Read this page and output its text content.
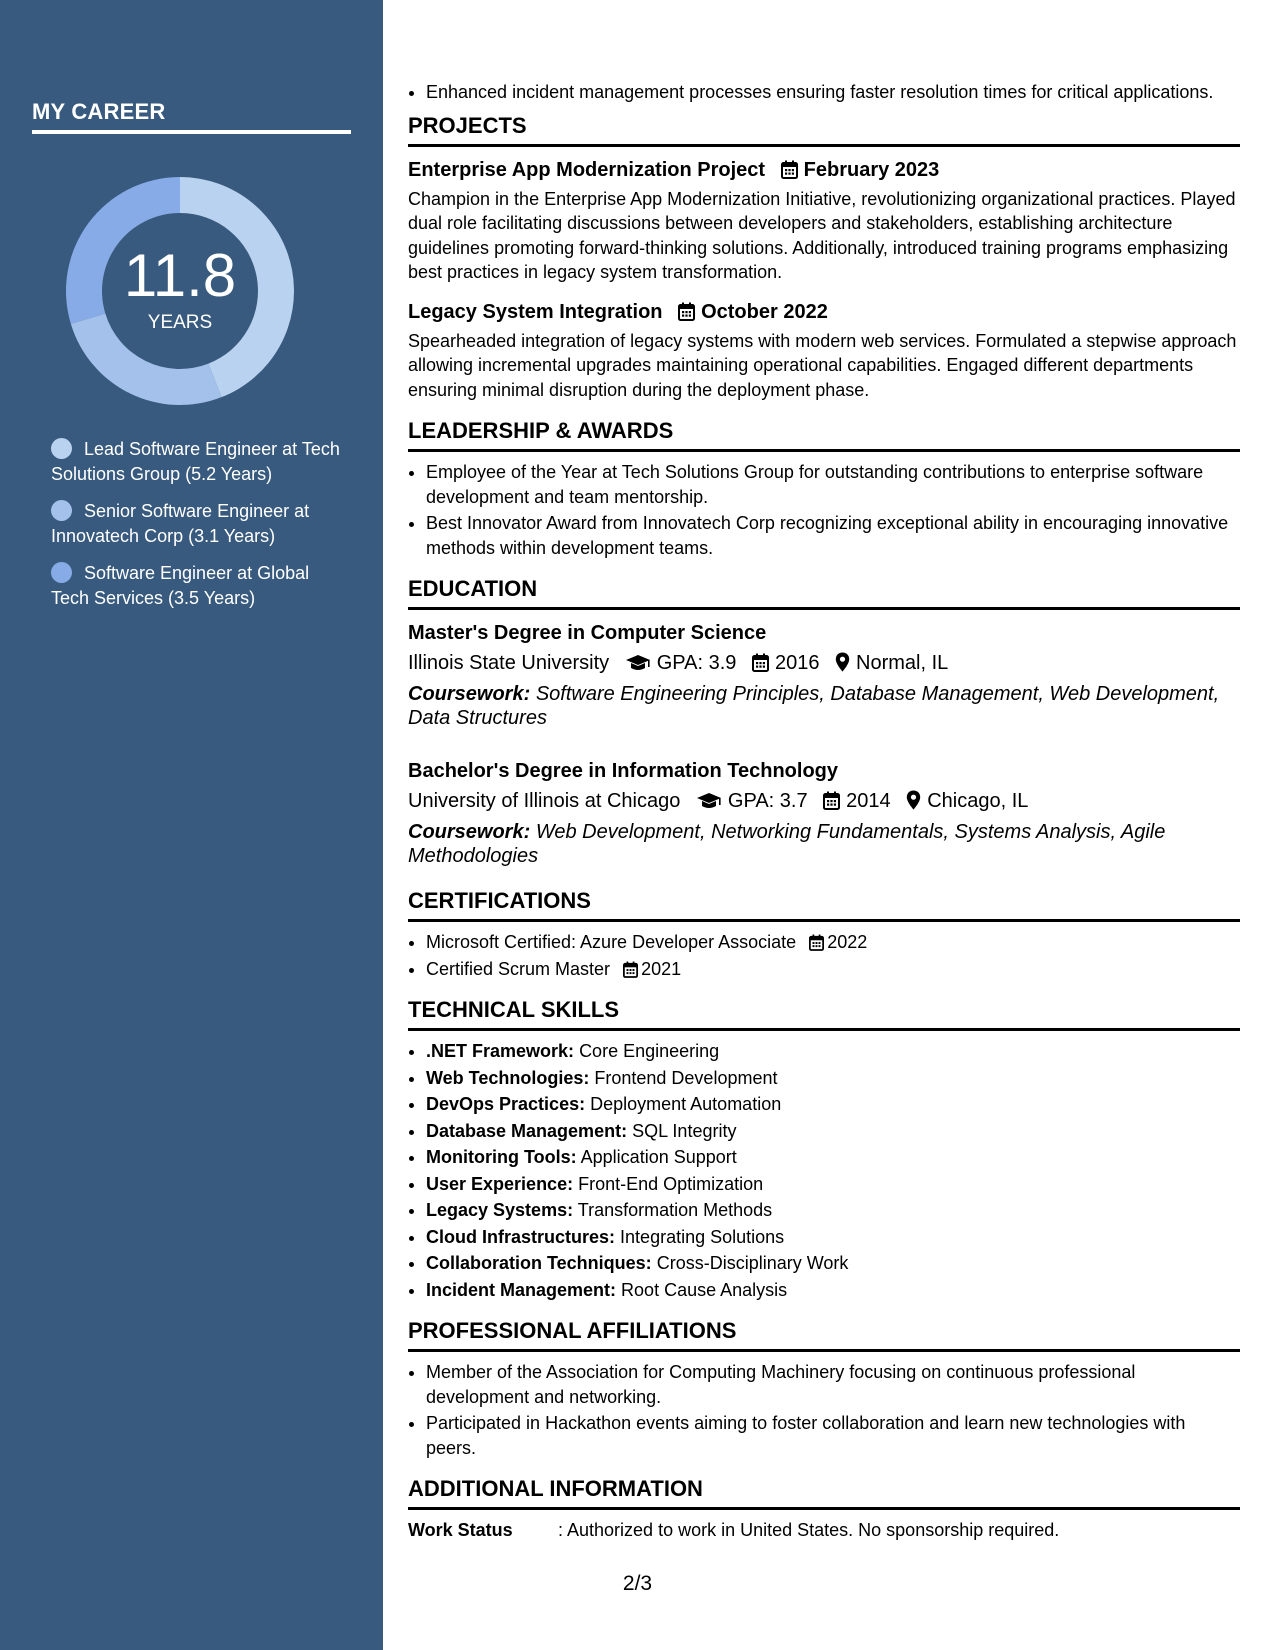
MY CAREER
11.8
YEARS
Lead Software Engineer at Tech Solutions Group (5.2 Years)
Senior Software Engineer at Innovatech Corp (3.1 Years)
Software Engineer at Global Tech Services (3.5 Years)
• Enhanced incident management processes ensuring faster resolution times for critical applications.
PROJECTS
Enterprise App Modernization Project February 2023
Champion in the Enterprise App Modernization Initiative, revolutionizing organizational practices. Played dual role facilitating discussions between developers and stakeholders, establishing architecture guidelines promoting forward-thinking solutions. Additionally, introduced training programs emphasizing best practices in legacy system transformation.
Legacy System Integration October 2022
Spearheaded integration of legacy systems with modern web services. Formulated a stepwise approach allowing incremental upgrades maintaining operational capabilities. Engaged different departments ensuring minimal disruption during the deployment phase.
LEADERSHIP & AWARDS
• Employee of the Year at Tech Solutions Group for outstanding contributions to enterprise software development and team mentorship.
• Best Innovator Award from Innovatech Corp recognizing exceptional ability in encouraging innovative methods within development teams.
EDUCATION
Master's Degree in Computer Science
Illinois State University GPA: 3.9 2016 Normal, IL
Coursework: Software Engineering Principles, Database Management, Web Development, Data Structures
Bachelor's Degree in Information Technology
University of Illinois at Chicago GPA: 3.7 2014 Chicago, IL
Coursework: Web Development, Networking Fundamentals, Systems Analysis, Agile Methodologies
CERTIFICATIONS
• Microsoft Certified: Azure Developer Associate 2022
• Certified Scrum Master 2021
TECHNICAL SKILLS
• .NET Framework: Core Engineering
• Web Technologies: Frontend Development
• DevOps Practices: Deployment Automation
• Database Management: SQL Integrity
• Monitoring Tools: Application Support
• User Experience: Front-End Optimization
• Legacy Systems: Transformation Methods
• Cloud Infrastructures: Integrating Solutions
• Collaboration Techniques: Cross-Disciplinary Work
• Incident Management: Root Cause Analysis
PROFESSIONAL AFFILIATIONS
• Member of the Association for Computing Machinery focusing on continuous professional development and networking.
• Participated in Hackathon events aiming to foster collaboration and learn new technologies with peers.
ADDITIONAL INFORMATION
Work Status	: Authorized to work in United States. No sponsorship required.
2/3
